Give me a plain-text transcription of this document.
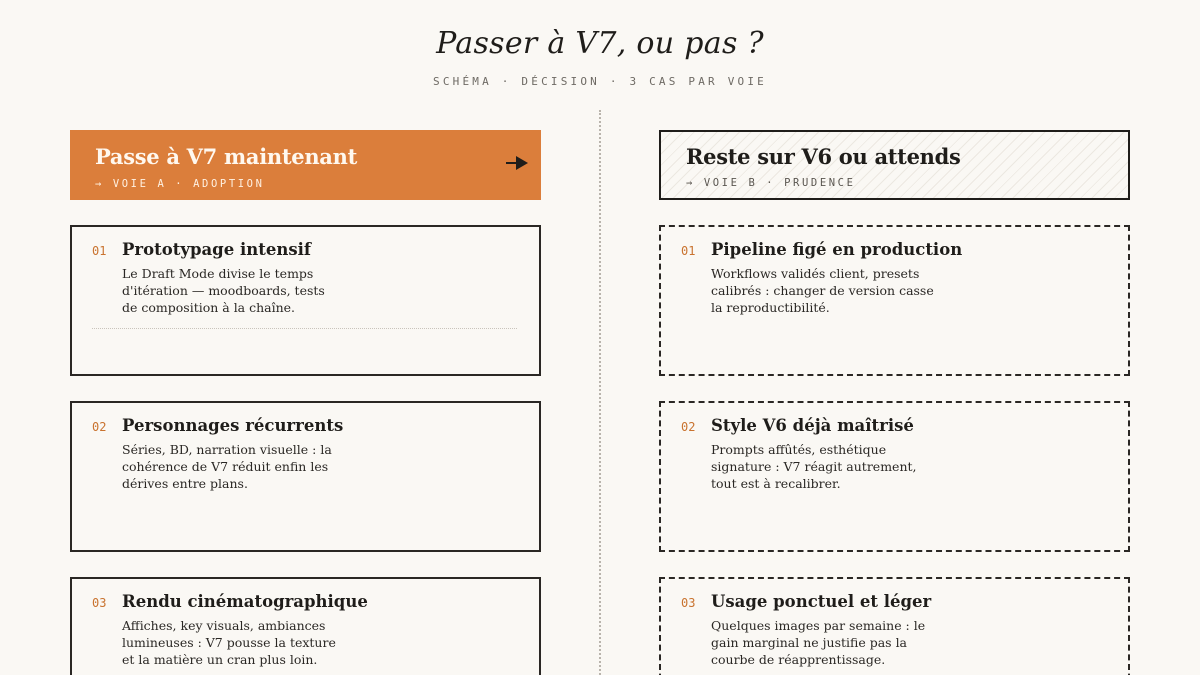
Passer à V7, ou pas ?
SCHÉMA · DÉCISION · 3 CAS PAR VOIE
Passe à V7 maintenant
→ VOIE A · ADOPTION
01 Prototypage intensif
Le Draft Mode divise le temps d'itération — moodboards, tests de composition à la chaîne.
02 Personnages récurrents
Séries, BD, narration visuelle : la cohérence de V7 réduit enfin les dérives entre plans.
03 Rendu cinématographique
Affiches, key visuals, ambiances lumineuses : V7 pousse la texture et la matière un cran plus loin.
Reste sur V6 ou attends
→ VOIE B · PRUDENCE
01 Pipeline figé en production
Workflows validés client, presets calibrés : changer de version casse la reproductibilité.
02 Style V6 déjà maîtrisé
Prompts affûtés, esthétique signature : V7 réagit autrement, tout est à recalibrer.
03 Usage ponctuel et léger
Quelques images par semaine : le gain marginal ne justifie pas la courbe de réapprentissage.
